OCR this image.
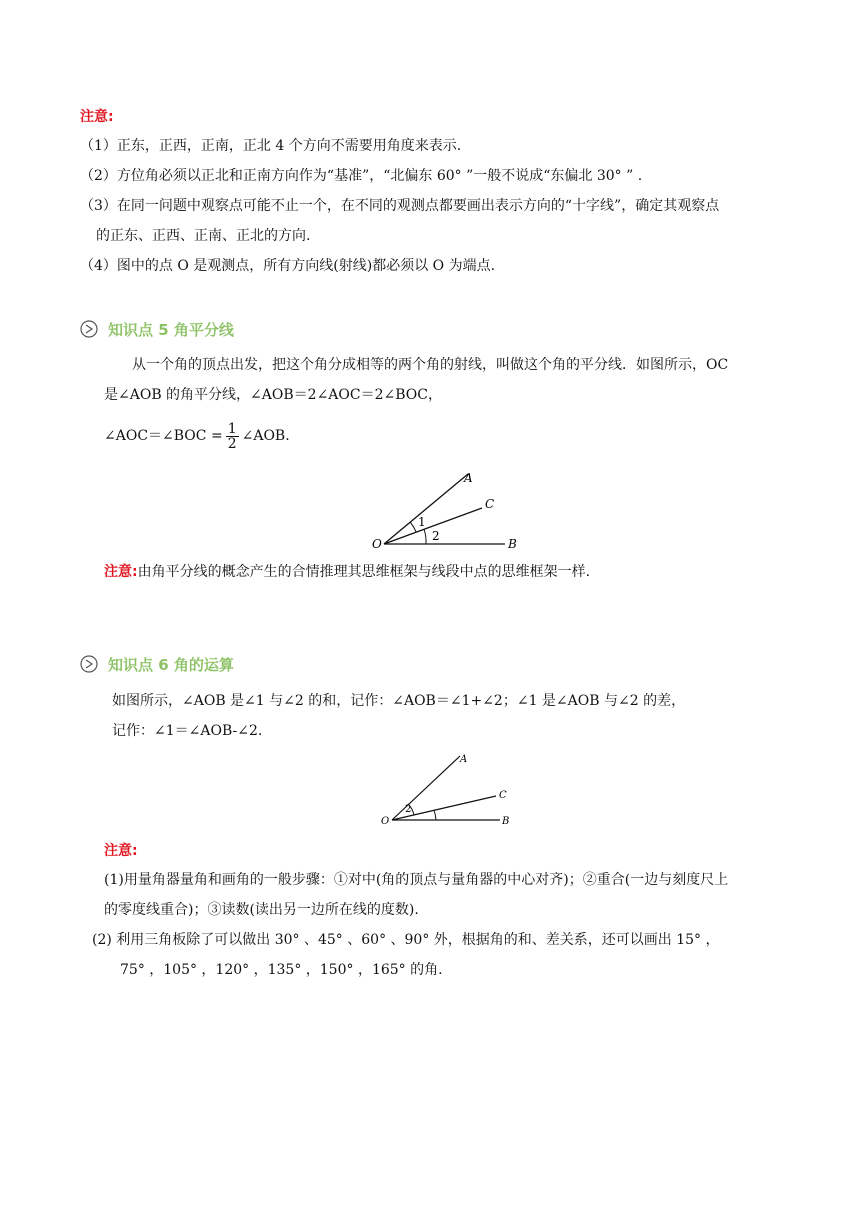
注意:
（1）正东，正西，正南，正北 4 个方向不需要用角度来表示.
（2）方位角必须以正北和正南方向作为“基准”，“北偏东 60° ”一般不说成“东偏北 30° ” .
（3）在同一问题中观察点可能不止一个，在不同的观测点都要画出表示方向的“十字线”，确定其观察点
的正东、正西、正南、正北的方向.
（4）图中的点 O 是观测点，所有方向线(射线)都必须以 O 为端点.
知识点 5 角平分线
从一个角的顶点出发，把这个角分成相等的两个角的射线，叫做这个角的平分线．如图所示，OC
是∠AOB 的角平分线，∠AOB＝2∠AOC＝2∠BOC，
∠AOC＝∠BOC = $\frac{1}{2}$ ∠AOB.
A
C
B
O
1
2
注意:由角平分线的概念产生的合情推理其思维框架与线段中点的思维框架一样.
知识点 6 角的运算
如图所示，∠AOB 是∠1 与∠2 的和，记作：∠AOB＝∠1+∠2；∠1 是∠AOB 与∠2 的差，
记作：∠1＝∠AOB-∠2.
A
C
B
O
2
注意:
(1)用量角器量角和画角的一般步骤：①对中(角的顶点与量角器的中心对齐)；②重合(一边与刻度尺上
的零度线重合)；③读数(读出另一边所在线的度数).
(2) 利用三角板除了可以做出 30° 、45° 、60° 、90° 外，根据角的和、差关系，还可以画出 15° ，
75° ，105° ，120° ，135° ，150° ，165° 的角.
